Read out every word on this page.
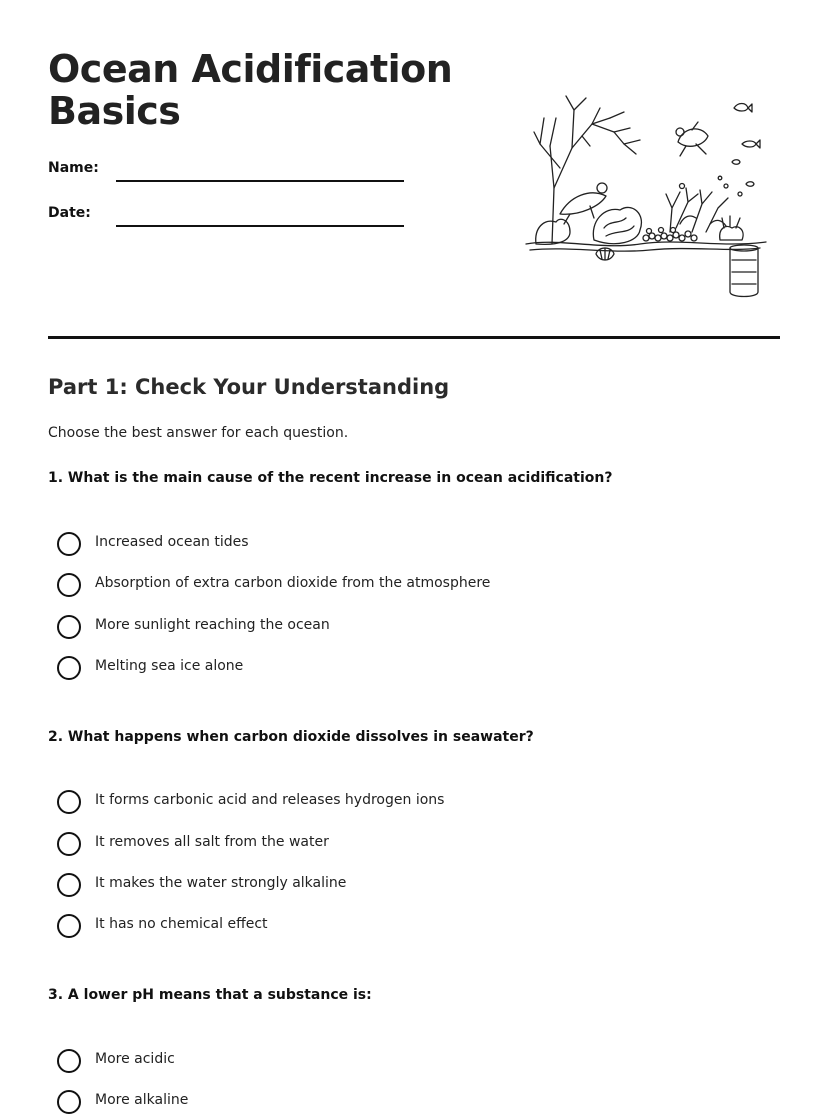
Ocean Acidification Basics
Name:
Date:
Part 1: Check Your Understanding

Choose the best answer for each question.

1. What is the main cause of the recent increase in ocean acidification?

Increased ocean tides
Absorption of extra carbon dioxide from the atmosphere
More sunlight reaching the ocean
Melting sea ice alone

2. What happens when carbon dioxide dissolves in seawater?

It forms carbonic acid and releases hydrogen ions
It removes all salt from the water
It makes the water strongly alkaline
It has no chemical effect

3. A lower pH means that a substance is:

More acidic
More alkaline
